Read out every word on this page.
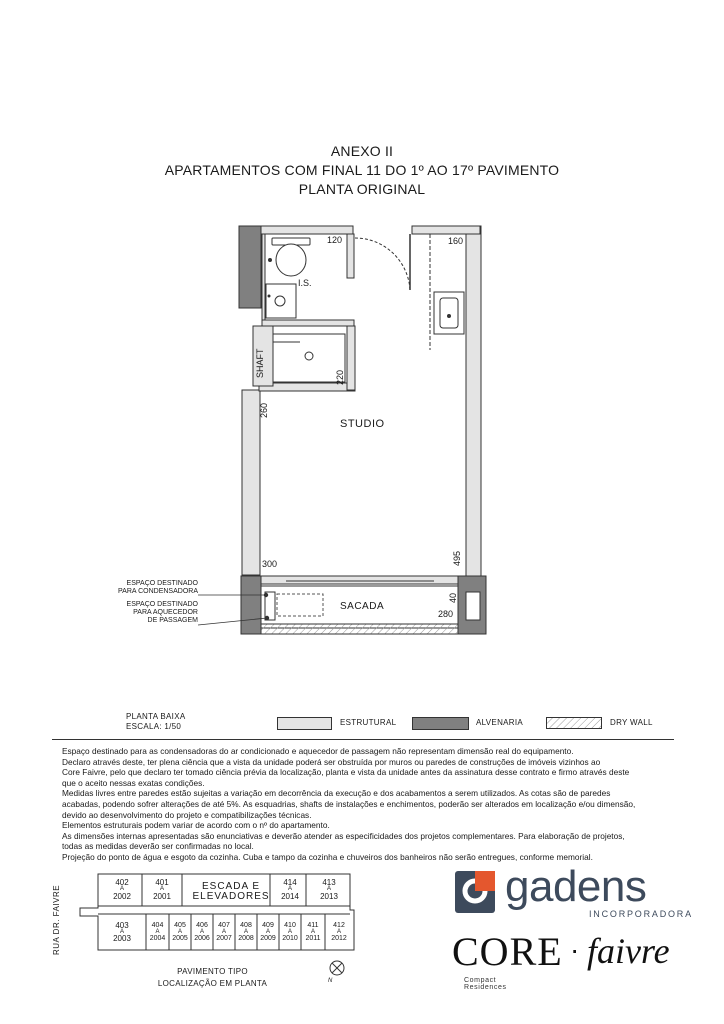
ANEXO II
APARTAMENTOS COM FINAL 11 DO 1º AO 17º PAVIMENTO
PLANTA ORIGINAL
120	160
I.S.
SHAFT	220
260
STUDIO
300	495
SACADA
40
280
ESPAÇO DESTINADO
PARA CONDENSADORA
ESPAÇO DESTINADO
PARA AQUECEDOR
DE PASSAGEM
PLANTA BAIXA
ESCALA: 1/50	ESTRUTURAL	ALVENARIA	DRY WALL
Espaço destinado para as condensadoras do ar condicionado e aquecedor de passagem não representam dimensão real do equipamento.
Declaro através deste, ter plena ciência que a vista da unidade poderá ser obstruída por muros ou paredes de construções de imóveis vizinhos ao
Core Faivre, pelo que declaro ter tomado ciência prévia da localização, planta e vista da unidade antes da assinatura desse contrato e firmo através deste
que o aceito nessas exatas condições.
Medidas livres entre paredes estão sujeitas a variação em decorrência da execução e dos acabamentos a serem utilizados. As cotas são de paredes
acabadas, podendo sofrer alterações de até 5%. As esquadrias, shafts de instalações e enchimentos, poderão ser alterados em localização e/ou dimensão,
devido ao desenvolvimento do projeto e compatibilizações técnicas.
Elementos estruturais podem variar de acordo com o nº do apartamento.
As dimensões internas apresentadas são enunciativas e deverão atender as especificidades dos projetos complementares. Para elaboração de projetos,
todas as medidas deverão ser confirmadas no local.
Projeção do ponto de água e esgoto da cozinha. Cuba e tampo da cozinha e chuveiros dos banheiros não serão entregues, conforme memorial.
RUA DR. FAIVRE
402
A
2002
401
A
2001
ESCADA E ELEVADORES
414
A
2014
413
A
2013
403
A
2003
404
A
2004
405
A
2005
406
A
2006
407
A
2007
408
A
2008
409
A
2009
410
A
2010
411
A
2011
412
A
2012
PAVIMENTO TIPO
LOCALIZAÇÃO EM PLANTA	N
gadens
INCORPORADORA
CORE · faivre
Compact Residences
